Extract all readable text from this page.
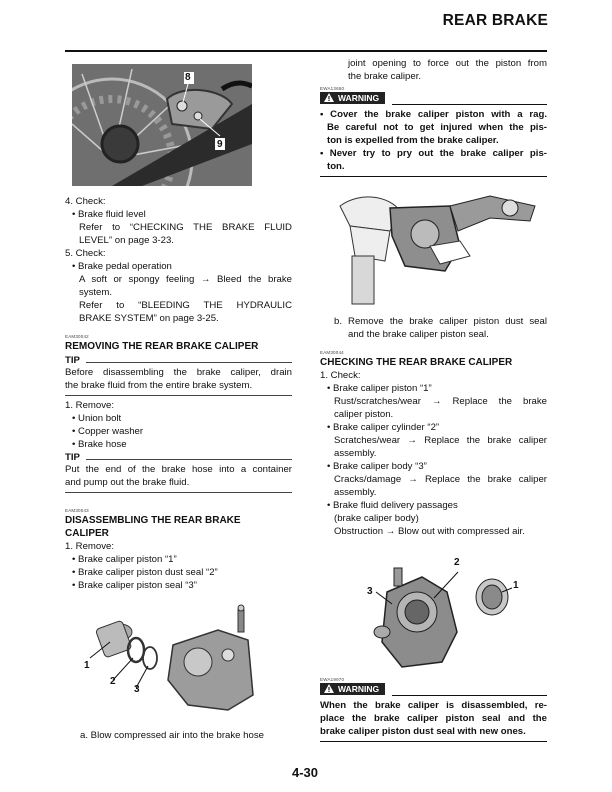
REAR BRAKE
8
9
4. Check:
• Brake fluid level
Refer to “CHECKING THE BRAKE FLUID
LEVEL” on page 3-23.
5. Check:
• Brake pedal operation
A soft or spongy feeling → Bleed the brake
system.
Refer to “BLEEDING THE HYDRAULIC
BRAKE SYSTEM” on page 3-25.
EAM30042
REMOVING THE REAR BRAKE CALIPER
TIP
Before disassembling the brake caliper, drain
the brake fluid from the entire brake system.
1. Remove:
• Union bolt
• Copper washer
• Brake hose
TIP
Put the end of the brake hose into a container
and pump out the brake fluid.
EAM30043
DISASSEMBLING THE REAR BRAKE
CALIPER
1. Remove:
• Brake caliper piston “1”
• Brake caliper piston dust seal “2”
• Brake caliper piston seal “3”
1
2
3
a. Blow compressed air into the brake hose
joint opening to force out the piston from
the brake caliper.
EWA13650
WARNING
• Cover the brake caliper piston with a rag.
Be careful not to get injured when the pis-
ton is expelled from the brake caliper.
• Never try to pry out the brake caliper pis-
ton.
b. Remove the brake caliper piston dust seal
and the brake caliper piston seal.
EAM30044
CHECKING THE REAR BRAKE CALIPER
1. Check:
• Brake caliper piston “1”
Rust/scratches/wear → Replace the brake
caliper piston.
• Brake caliper cylinder “2”
Scratches/wear → Replace the brake caliper
assembly.
• Brake caliper body “3”
Cracks/damage → Replace the brake caliper
assembly.
• Brake fluid delivery passages
(brake caliper body)
Obstruction → Blow out with compressed air.
2
1
3
EWA19970
WARNING
When the brake caliper is disassembled, re-
place the brake caliper piston seal and the
brake caliper piston dust seal with new ones.
4-30
